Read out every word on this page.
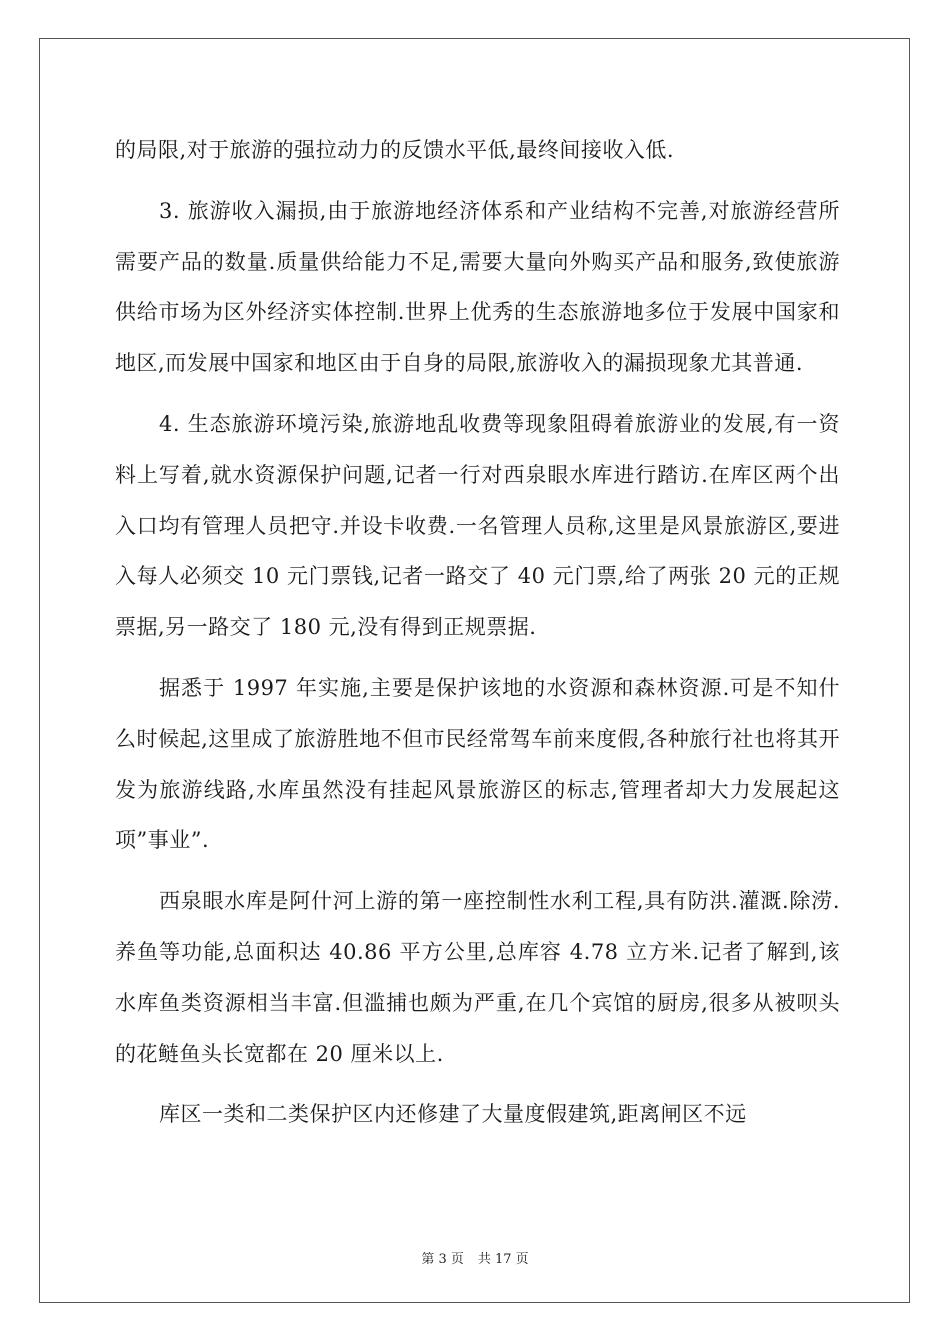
的局限,对于旅游的强拉动力的反馈水平低,最终间接收入低.

3. 旅游收入漏损,由于旅游地经济体系和产业结构不完善,对旅游经营所需要产品的数量.质量供给能力不足,需要大量向外购买产品和服务,致使旅游供给市场为区外经济实体控制.世界上优秀的生态旅游地多位于发展中国家和地区,而发展中国家和地区由于自身的局限,旅游收入的漏损现象尤其普通.

4. 生态旅游环境污染,旅游地乱收费等现象阻碍着旅游业的发展,有一资料上写着,就水资源保护问题,记者一行对西泉眼水库进行踏访.在库区两个出入口均有管理人员把守.并设卡收费.一名管理人员称,这里是风景旅游区,要进入每人必须交 10 元门票钱,记者一路交了 40 元门票,给了两张 20 元的正规票据,另一路交了 180 元,没有得到正规票据.

据悉于 1997 年实施,主要是保护该地的水资源和森林资源.可是不知什么时候起,这里成了旅游胜地不但市民经常驾车前来度假,各种旅行社也将其开发为旅游线路,水库虽然没有挂起风景旅游区的标志,管理者却大力发展起这项”事业”.

西泉眼水库是阿什河上游的第一座控制性水利工程,具有防洪.灌溉.除涝.养鱼等功能,总面积达 40.86 平方公里,总库容 4.78 立方米.记者了解到,该水库鱼类资源相当丰富.但滥捕也颇为严重,在几个宾馆的厨房,很多从被呗头的花鲢鱼头长宽都在 20 厘米以上.

库区一类和二类保护区内还修建了大量度假建筑,距离闸区不远

第 3 页 共 17 页
